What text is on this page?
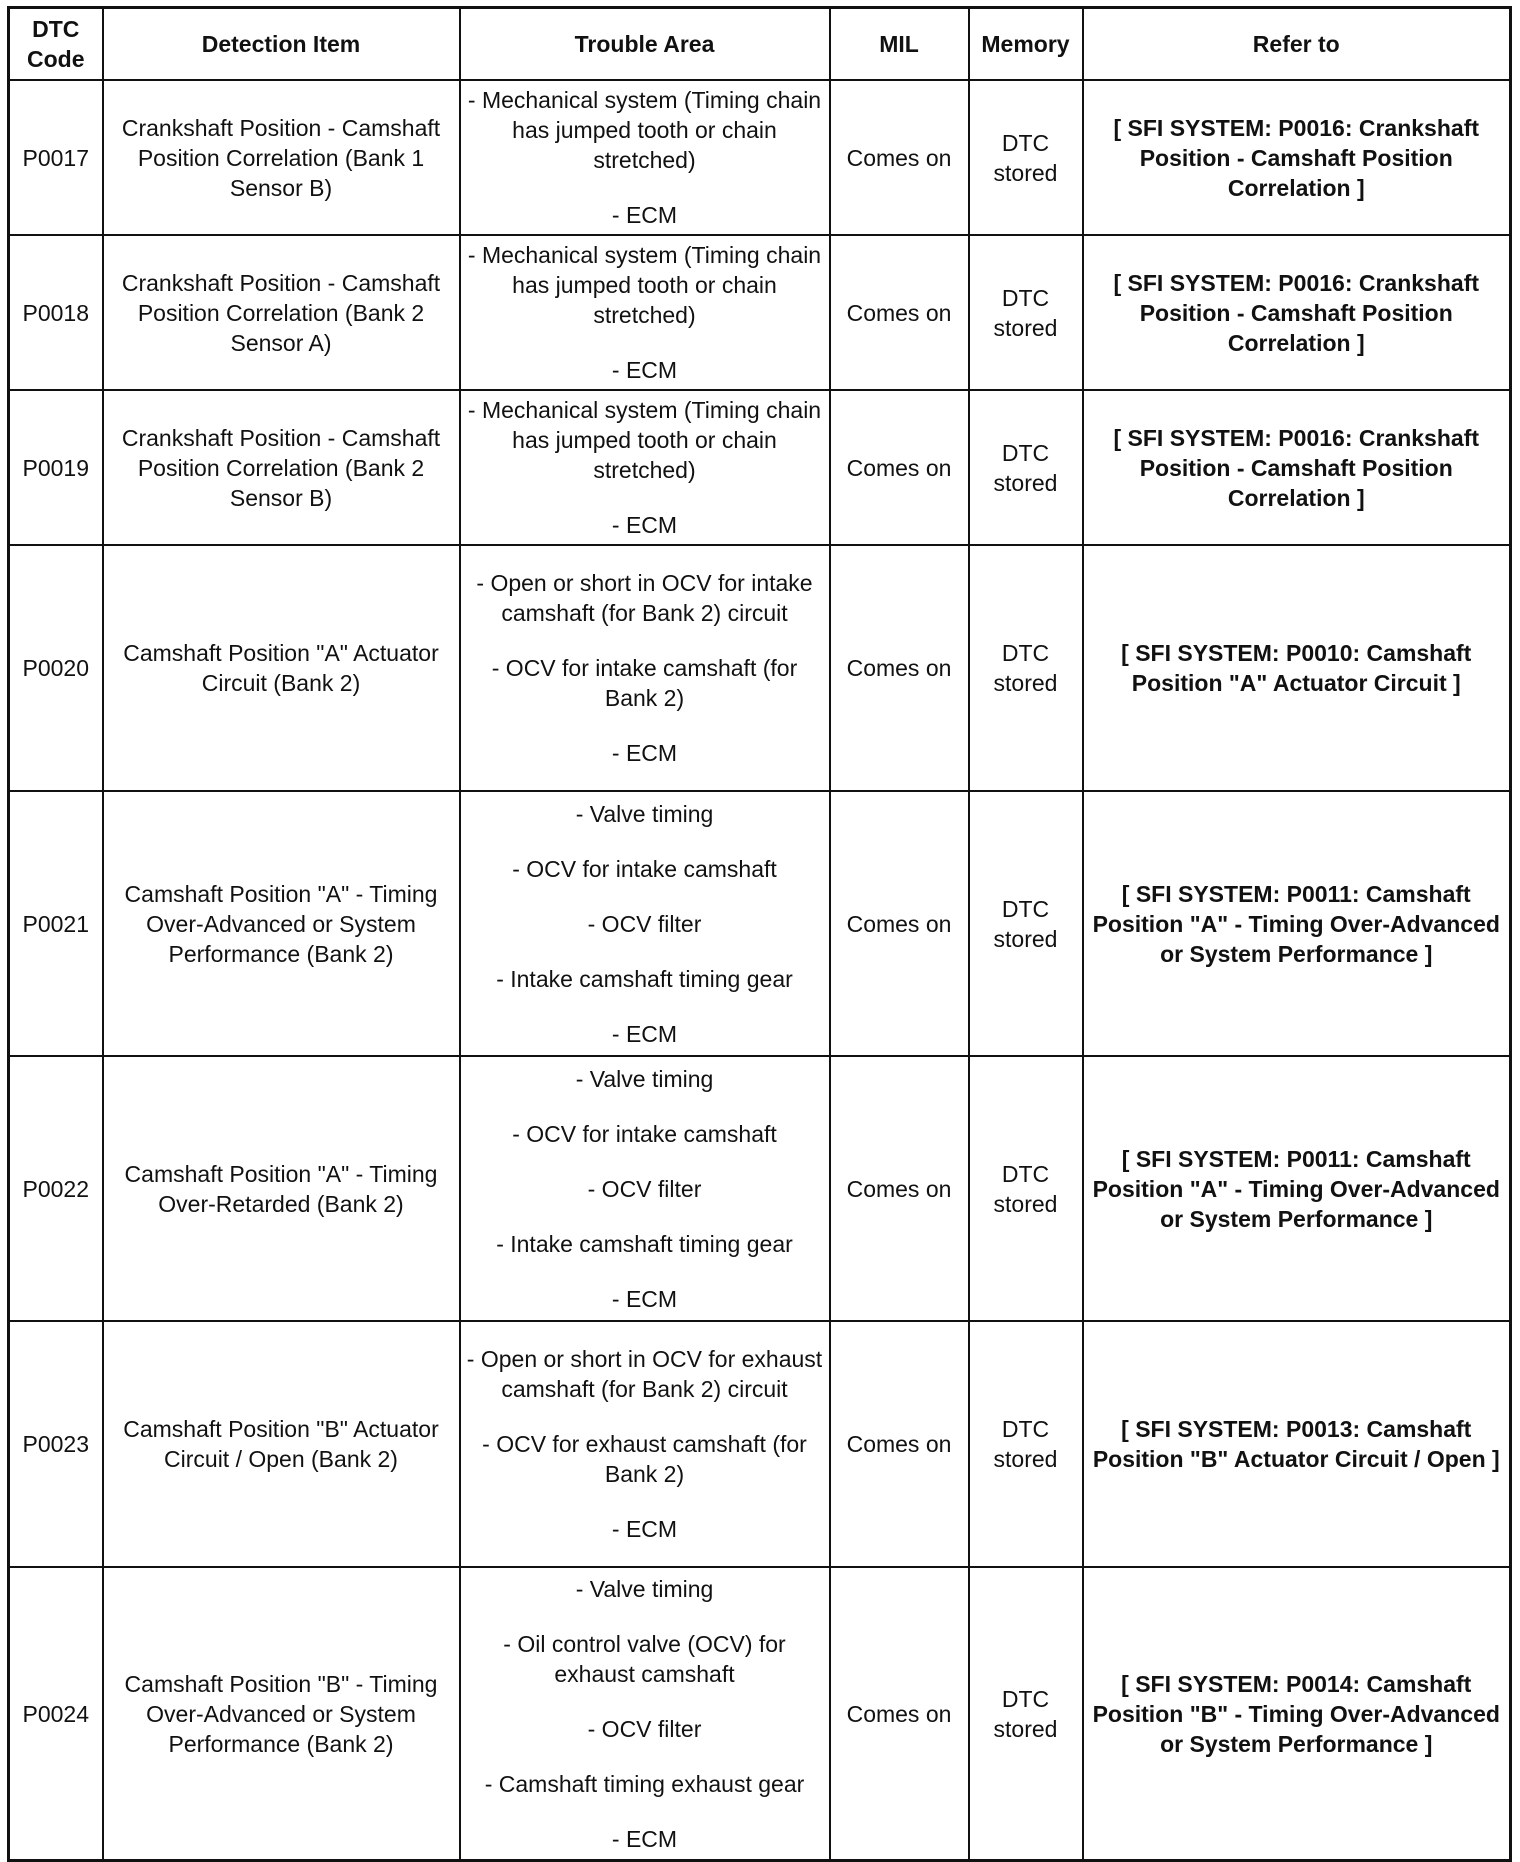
DTC Code	Detection Item	Trouble Area	MIL	Memory	Refer to
P0017	Crankshaft Position - Camshaft Position Correlation (Bank 1 Sensor B)	- Mechanical system (Timing chain has jumped tooth or chain stretched)
- ECM	Comes on	DTC stored	[ SFI SYSTEM: P0016: Crankshaft Position - Camshaft Position Correlation ]
P0018	Crankshaft Position - Camshaft Position Correlation (Bank 2 Sensor A)	- Mechanical system (Timing chain has jumped tooth or chain stretched)
- ECM	Comes on	DTC stored	[ SFI SYSTEM: P0016: Crankshaft Position - Camshaft Position Correlation ]
P0019	Crankshaft Position - Camshaft Position Correlation (Bank 2 Sensor B)	- Mechanical system (Timing chain has jumped tooth or chain stretched)
- ECM	Comes on	DTC stored	[ SFI SYSTEM: P0016: Crankshaft Position - Camshaft Position Correlation ]
P0020	Camshaft Position "A" Actuator Circuit (Bank 2)	- Open or short in OCV for intake camshaft (for Bank 2) circuit
- OCV for intake camshaft (for Bank 2)
- ECM	Comes on	DTC stored	[ SFI SYSTEM: P0010: Camshaft Position "A" Actuator Circuit ]
P0021	Camshaft Position "A" - Timing Over-Advanced or System Performance (Bank 2)	- Valve timing
- OCV for intake camshaft
- OCV filter
- Intake camshaft timing gear
- ECM	Comes on	DTC stored	[ SFI SYSTEM: P0011: Camshaft Position "A" - Timing Over-Advanced or System Performance ]
P0022	Camshaft Position "A" - Timing Over-Retarded (Bank 2)	- Valve timing
- OCV for intake camshaft
- OCV filter
- Intake camshaft timing gear
- ECM	Comes on	DTC stored	[ SFI SYSTEM: P0011: Camshaft Position "A" - Timing Over-Advanced or System Performance ]
P0023	Camshaft Position "B" Actuator Circuit / Open (Bank 2)	- Open or short in OCV for exhaust camshaft (for Bank 2) circuit
- OCV for exhaust camshaft (for Bank 2)
- ECM	Comes on	DTC stored	[ SFI SYSTEM: P0013: Camshaft Position "B" Actuator Circuit / Open ]
P0024	Camshaft Position "B" - Timing Over-Advanced or System Performance (Bank 2)	- Valve timing
- Oil control valve (OCV) for exhaust camshaft
- OCV filter
- Camshaft timing exhaust gear
- ECM	Comes on	DTC stored	[ SFI SYSTEM: P0014: Camshaft Position "B" - Timing Over-Advanced or System Performance ]
